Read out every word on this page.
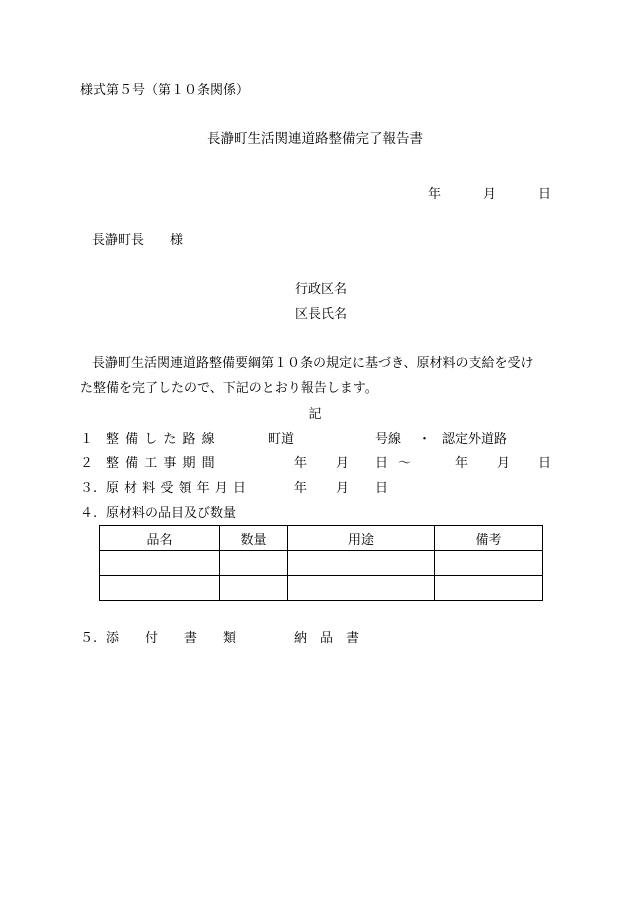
様式第５号（第１０条関係）
長瀞町生活関連道路整備完了報告書
年	月	日
長瀞町長　　様
行政区名
区長氏名
長瀞町生活関連道路整備要綱第１０条の規定に基づき、原材料の支給を受け
た整備を完了したので、下記のとおり報告します。
記
１ 整 備 し た 路 線	町道	号線 ・ 認定外道路
２ 整 備 工 事 期 間	年 月 日 ～	年 月 日
３. 原 材 料 受 領 年 月 日	年 月 日
４. 原材料の品目及び数量
品名	数量	用途	備考

５. 添　　付　　書　　類	納　品　書
